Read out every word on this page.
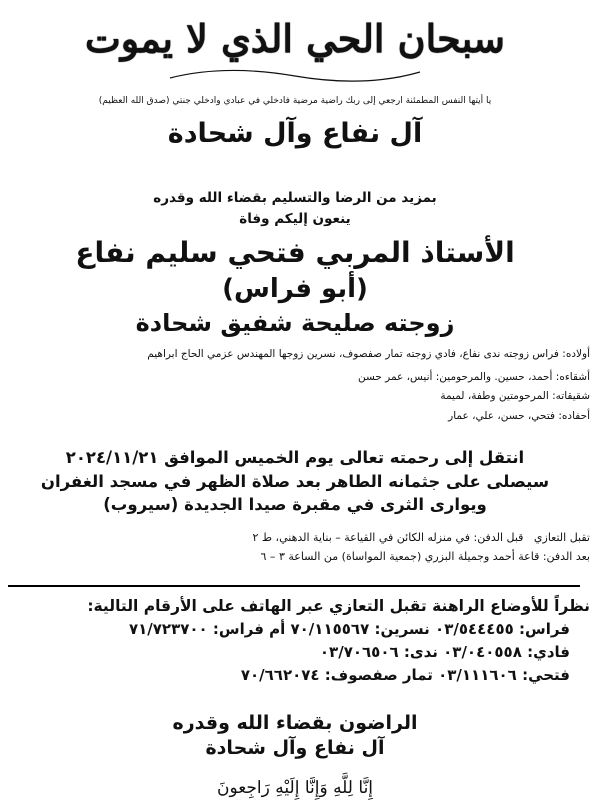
سبحان الحي الذي لا يموت
يا أيتها النفس المطمئنة ارجعي إلى ربك راضية مرضية فادخلي في عبادي وادخلي جنتي (صدق الله العظيم)
آل نفاع وآل شحادة
بمزيد من الرضا والتسليم بقضاء الله وقدره
ينعون إليكم وفاة
الأستاذ المربي فتحي سليم نفاع
(أبو فراس)
زوجته صليحة شفيق شحادة
أولاده: فراس زوجته ندى نفاع، فادي زوجته تمار صفصوف، نسرين زوجها المهندس عزمي الحاج ابراهيم
أشقاءه: أحمد، حسين. والمرحومين: أنيس، عمر حسن
شقيقاته: المرحومتين وطفة، لميمة
أحفاده: فتحي، حسن، علي، عمار
انتقل إلى رحمته تعالى يوم الخميس الموافق ٢٠٢٤/١١/٢١
سيصلى على جثمانه الطاهر بعد صلاة الظهر في مسجد الغفران
ويوارى الثرى في مقبرة صيدا الجديدة (سيروب)
تقبل التعازي   قبل الدفن: في منزله الكائن في القياعة – بناية الدهني، ط ٢
بعد الدفن: قاعة أحمد وجميلة البزري (جمعية المواساة) من الساعة ٣ – ٦
نظراً للأوضاع الراهنة تقبل التعازي عبر الهاتف على الأرقام التالية:
فراس: ٠٣/٥٤٤٤٥٥ نسرين: ٧٠/١١٥٥٦٧ أم فراس: ٧١/٧٢٣٧٠٠
فادي: ٠٣/٠٤٠٥٥٨ ندى: ٠٣/٧٠٦٥٠٦
فتحي: ٠٣/١١١٦٠٦ تمار صفصوف: ٧٠/٦٦٢٠٧٤
الراضون بقضاء الله وقدره
آل نفاع وآل شحادة
إِنَّا لِلَّهِ وَإِنَّا إِلَيْهِ رَاجِعونَ
